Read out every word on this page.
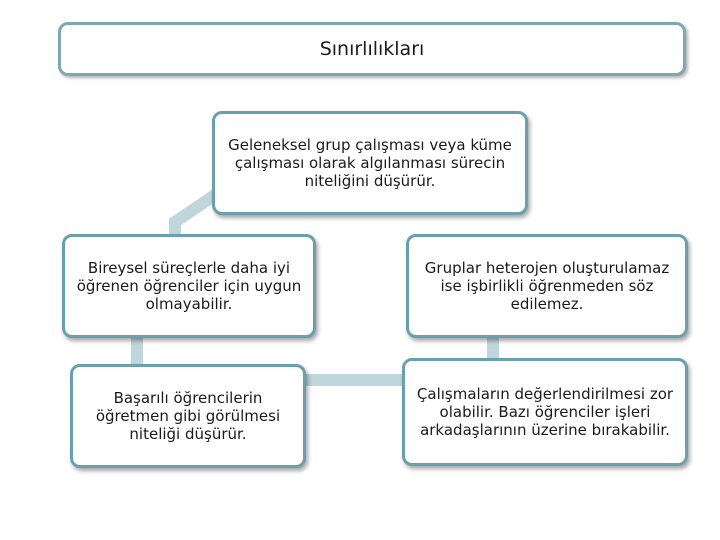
Sınırlılıkları
Geleneksel grup çalışması veya küme çalışması olarak algılanması sürecin niteliğini düşürür.
Bireysel süreçlerle daha iyi öğrenen öğrenciler için uygun olmayabilir.
Gruplar heterojen oluşturulamaz ise işbirlikli öğrenmeden söz edilemez.
Başarılı öğrencilerin öğretmen gibi görülmesi niteliği düşürür.
Çalışmaların değerlendirilmesi zor olabilir. Bazı öğrenciler işleri arkadaşlarının üzerine bırakabilir.
